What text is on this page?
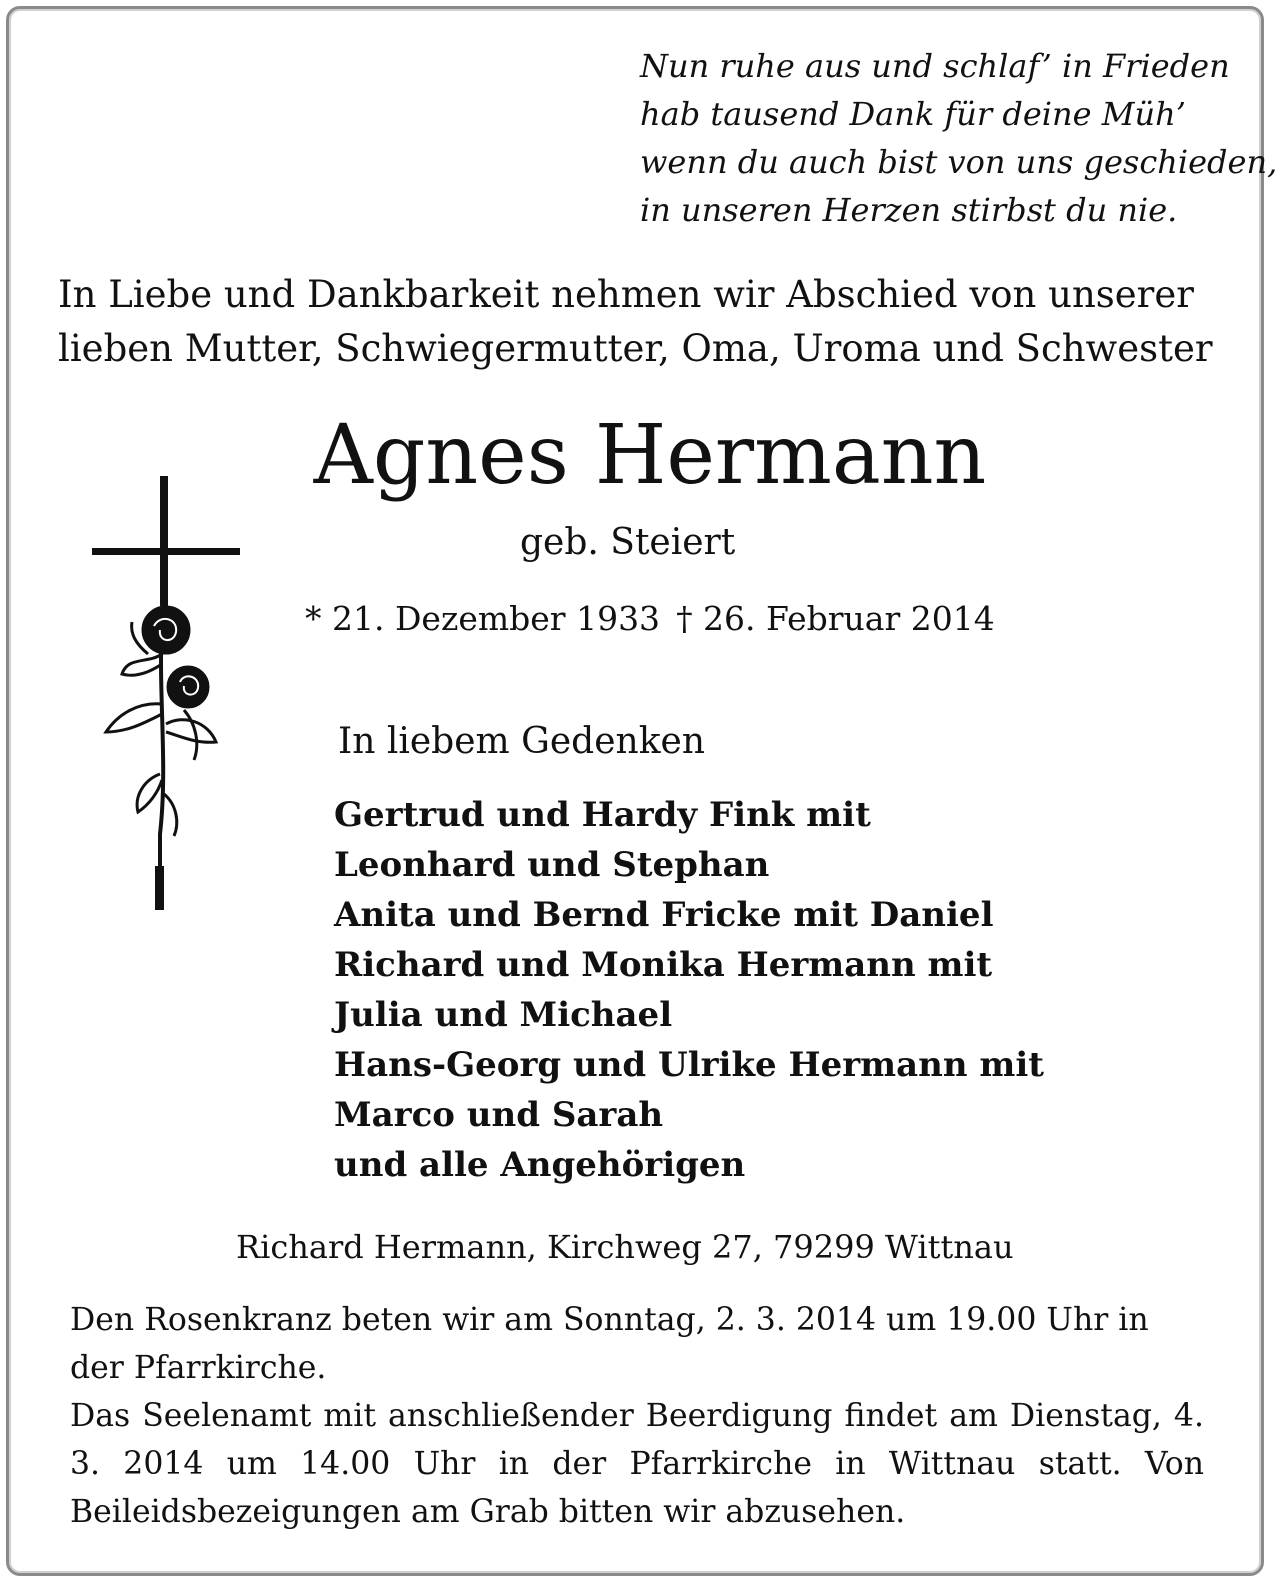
Nun ruhe aus und schlaf’ in Frieden
hab tausend Dank für deine Müh’
wenn du auch bist von uns geschieden,
in unseren Herzen stirbst du nie.
In Liebe und Dankbarkeit nehmen wir Abschied von unserer
lieben Mutter, Schwiegermutter, Oma, Uroma und Schwester
Agnes Hermann
geb. Steiert
* 21. Dezember 1933 † 26. Februar 2014
In liebem Gedenken
Gertrud und Hardy Fink mit
Leonhard und Stephan
Anita und Bernd Fricke mit Daniel
Richard und Monika Hermann mit
Julia und Michael
Hans-Georg und Ulrike Hermann mit
Marco und Sarah
und alle Angehörigen
Richard Hermann, Kirchweg 27, 79299 Wittnau

Den Rosenkranz beten wir am Sonntag, 2. 3. 2014 um 19.00 Uhr in der Pfarrkirche.

Das Seelenamt mit anschließender Beerdigung findet am Dienstag, 4. 3. 2014 um 14.00 Uhr in der Pfarrkirche in Wittnau statt. Von Beileidsbezeigungen am Grab bitten wir abzusehen.
